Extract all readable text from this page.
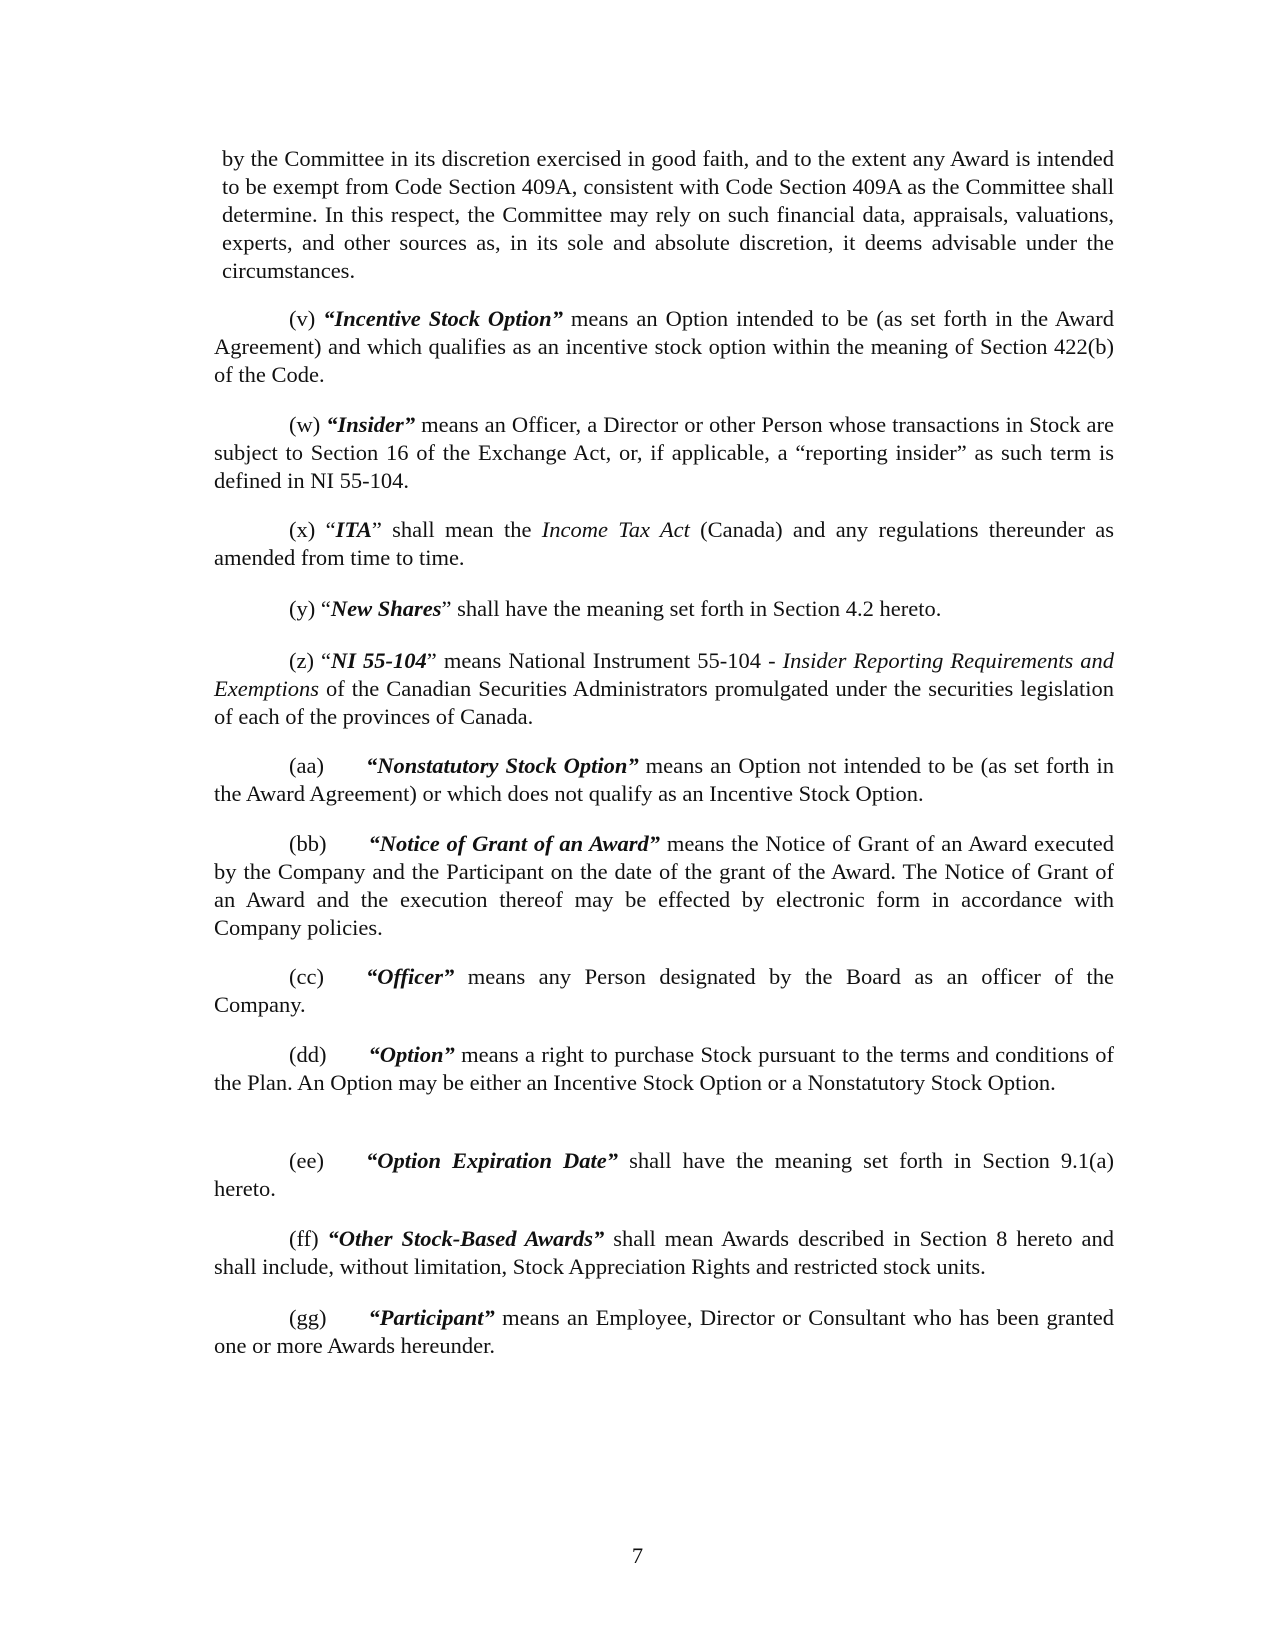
by the Committee in its discretion exercised in good faith, and to the extent any Award is intended to be exempt from Code Section 409A, consistent with Code Section 409A as the Committee shall determine. In this respect, the Committee may rely on such financial data, appraisals, valuations, experts, and other sources as, in its sole and absolute discretion, it deems advisable under the circumstances.

(v) “Incentive Stock Option” means an Option intended to be (as set forth in the Award Agreement) and which qualifies as an incentive stock option within the meaning of Section 422(b) of the Code.

(w) “Insider” means an Officer, a Director or other Person whose transactions in Stock are subject to Section 16 of the Exchange Act, or, if applicable, a “reporting insider” as such term is defined in NI 55-104.

(x) “ITA” shall mean the Income Tax Act (Canada) and any regulations thereunder as amended from time to time.

(y) “New Shares” shall have the meaning set forth in Section 4.2 hereto.

(z) “NI 55-104” means National Instrument 55-104 - Insider Reporting Requirements and Exemptions of the Canadian Securities Administrators promulgated under the securities legislation of each of the provinces of Canada.

(aa) “Nonstatutory Stock Option” means an Option not intended to be (as set forth in the Award Agreement) or which does not qualify as an Incentive Stock Option.

(bb) “Notice of Grant of an Award” means the Notice of Grant of an Award executed by the Company and the Participant on the date of the grant of the Award. The Notice of Grant of an Award and the execution thereof may be effected by electronic form in accordance with Company policies.

(cc) “Officer” means any Person designated by the Board as an officer of the Company.

(dd) “Option” means a right to purchase Stock pursuant to the terms and conditions of the Plan. An Option may be either an Incentive Stock Option or a Nonstatutory Stock Option.

(ee) “Option Expiration Date” shall have the meaning set forth in Section 9.1(a) hereto.

(ff) “Other Stock-Based Awards” shall mean Awards described in Section 8 hereto and shall include, without limitation, Stock Appreciation Rights and restricted stock units.

(gg) “Participant” means an Employee, Director or Consultant who has been granted one or more Awards hereunder.

7
